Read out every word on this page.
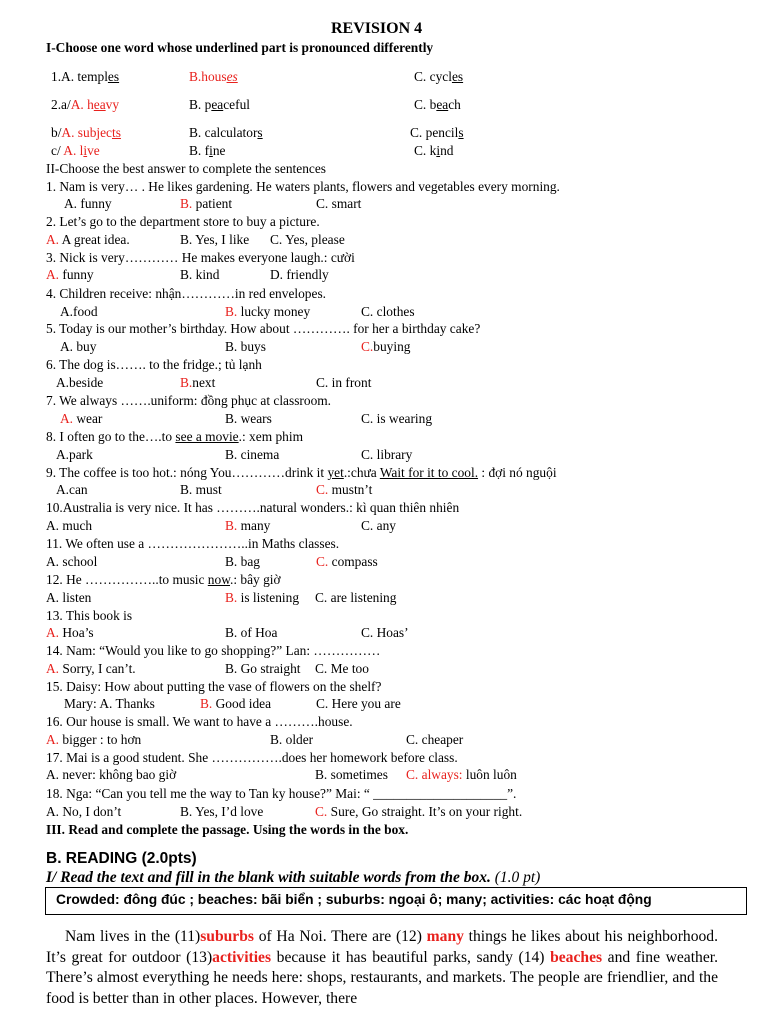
REVISION 4
I-Choose one word whose underlined part is pronounced differently
1.A. temples	B.houses	C. cycles
2.a/A. heavy	B. peaceful	C. beach
b/A. subjects	B. calculators	C. pencils
c/ A. live	B. fine	C. kind
II-Choose the best answer to complete the sentences
1. Nam is very… . He likes gardening. He waters plants, flowers and vegetables every morning.
A. funny	B. patient	C. smart
2. Let’s go to the department store to buy a picture.
A. A great idea.	B. Yes, I like C. Yes, please
3. Nick is very………… He makes everyone laugh.: cười
A. funny	B. kind	D. friendly
4. Children receive: nhận…………in red envelopes.
A.food	B. lucky money	C. clothes
5. Today is our mother’s birthday. How about …………. for her a birthday cake?
A. buy	B. buys	C.buying
6. The dog is……. to the fridge.; tủ lạnh
A.beside	B.next	C. in front
7. We always …….uniform: đồng phục at classroom.
A. wear	B. wears	C. is wearing
8. I often go to the….to see a movie.: xem phim
A.park	B. cinema	C. library
9. The coffee is too hot.: nóng You…………drink it yet.:chưa Wait for it to cool. : đợi nó nguội
A.can	B. must	C. mustn’t
10.Australia is very nice. It has ……….natural wonders.: kì quan thiên nhiên
A. much	B. many	C. any
11. We often use a …………………..in Maths classes.
A. school	B. bag	C. compass
12. He ……………..to music now.: bây giờ
A. listen	B. is listening C. are listening
13. This book is
A. Hoa’s	B. of Hoa	C. Hoas’
14. Nam: “Would you like to go shopping?” Lan: ……………
A. Sorry, I can’t.	B. Go straight C. Me too
15. Daisy: How about putting the vase of flowers on the shelf?
Mary: A. Thanks	B. Good idea	C. Here you are
16. Our house is small. We want to have a ……….house.
A. bigger : to hơn	B. older	C. cheaper
17. Mai is a good student. She …………….does her homework before class.
A. never: không bao giờ	B. sometimes C. always: luôn luôn
18. Nga: “Can you tell me the way to Tan ky house?” Mai: “ ____________________”.
A. No, I don’t	B. Yes, I’d love	C. Sure, Go straight. It’s on your right.
III. Read and complete the passage. Using the words in the box.
B. READING (2.0pts)
I/ Read the text and fill in the blank with suitable words from the box. (1.0 pt)
Crowded: đông đúc ; beaches: bãi biển ; suburbs: ngoại ô; many; activities: các hoạt động
Nam lives in the (11)suburbs of Ha Noi. There are (12) many things he likes about his neighborhood. It’s great for outdoor (13)activities because it has beautiful parks, sandy (14) beaches and fine weather. There’s almost everything he needs here: shops, restaurants, and markets. The people are friendlier, and the food is better than in other places. However, there
